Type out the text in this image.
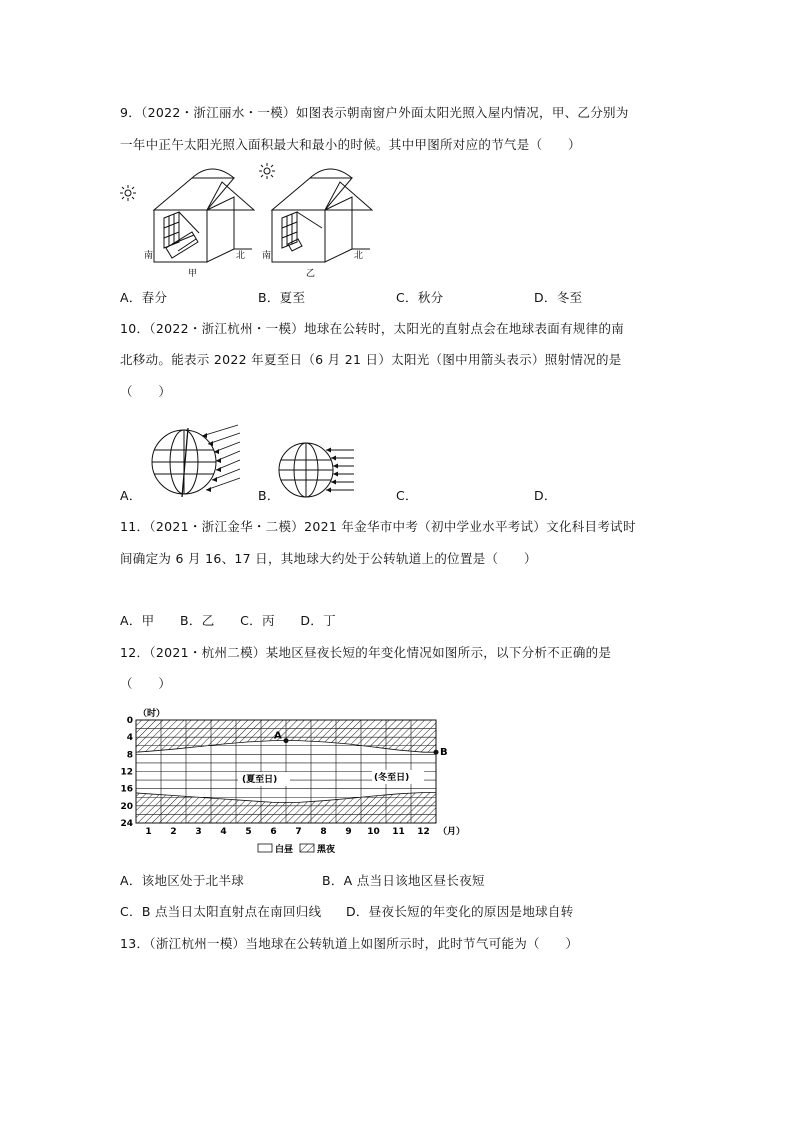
9．（2022・浙江丽水・一模）如图表示朝南窗户外面太阳光照入屋内情况，甲、乙分别为
一年中正午太阳光照入面积最大和最小的时候。其中甲图所对应的节气是（　　）
南	北
甲
南	北
乙
A．春分	B．夏至	C．秋分	D．冬至
10．（2022・浙江杭州・一模）地球在公转时，太阳光的直射点会在地球表面有规律的南
北移动。能表示 2022 年夏至日（6 月 21 日）太阳光（图中用箭头表示）照射情况的是
（　　）
A．	B．	C．	D．
11．（2021・浙江金华・二模）2021 年金华市中考（初中学业水平考试）文化科目考试时
间确定为 6 月 16、17 日，其地球大约处于公转轨道上的位置是（　　）
A．甲　　B．乙　　C．丙　　D．丁
12．（2021・杭州二模）某地区昼夜长短的年变化情况如图所示，以下分析不正确的是
（　　）
0
4
8
12
16
20
24
1 2 3 4 5 6 7 8 9 10 11 12
（时）
（月）
A
B
(夏至日)	(冬至日)
白昼	黑夜
A．该地区处于北半球	B．A 点当日该地区昼长夜短
C．B 点当日太阳直射点在南回归线 D．昼夜长短的年变化的原因是地球自转
13．（浙江杭州一模）当地球在公转轨道上如图所示时，此时节气可能为（　　）
